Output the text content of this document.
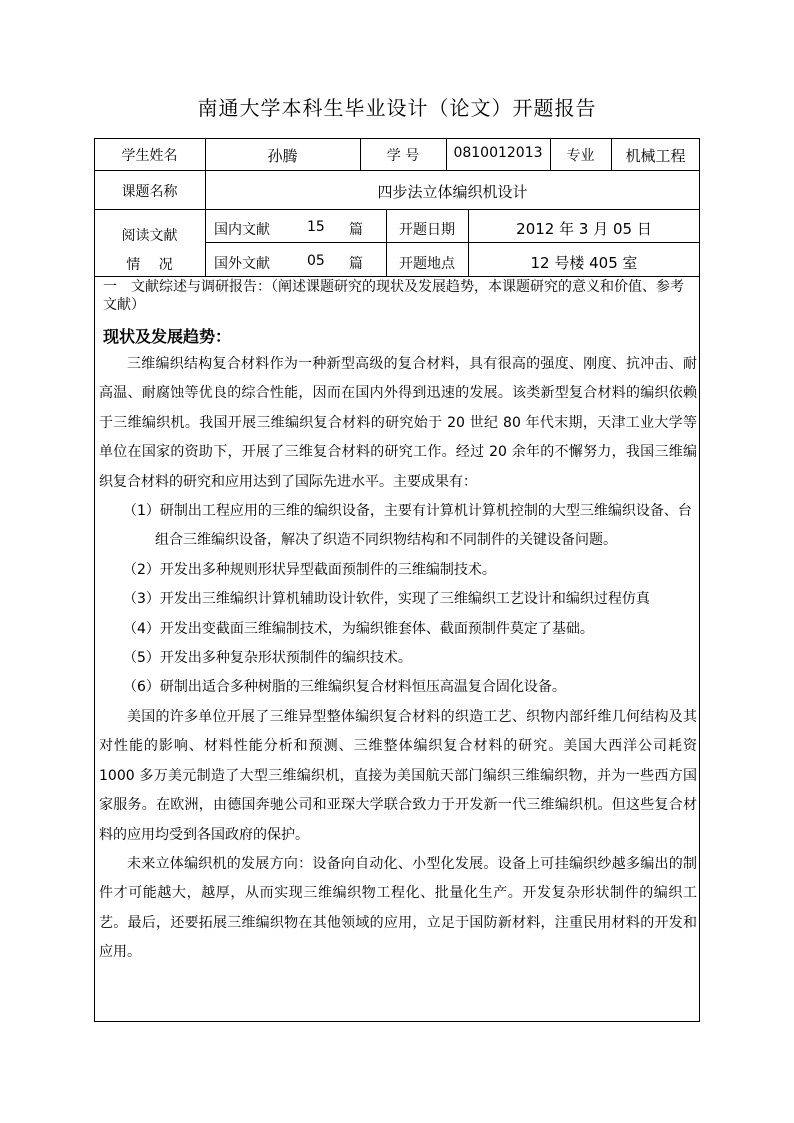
南通大学本科生毕业设计（论文）开题报告
学生姓名	孙腾	学 号	0810012013	专业	机械工程
课题名称	四步法立体编织机设计
阅读文献
情　 况
国内文献	15 篇	开题日期	2012 年 3 月 05 日
国外文献	05 篇	开题地点	12 号楼 405 室
一　文献综述与调研报告：（阐述课题研究的现状及发展趋势，本课题研究的意义和价值、参考文献）
现状及发展趋势：

三维编织结构复合材料作为一种新型高级的复合材料，具有很高的强度、刚度、抗冲击、耐高温、耐腐蚀等优良的综合性能，因而在国内外得到迅速的发展。该类新型复合材料的编织依赖于三维编织机。我国开展三维编织复合材料的研究始于 20 世纪 80 年代末期，天津工业大学等单位在国家的资助下，开展了三维复合材料的研究工作。经过 20 余年的不懈努力，我国三维编织复合材料的研究和应用达到了国际先进水平。主要成果有：

（1）研制出工程应用的三维的编织设备，主要有计算机计算机控制的大型三维编织设备、台组合三维编织设备，解决了织造不同织物结构和不同制件的关键设备问题。

（2）开发出多种规则形状异型截面预制件的三维编制技术。

（3）开发出三维编织计算机辅助设计软件，实现了三维编织工艺设计和编织过程仿真

（4）开发出变截面三维编制技术，为编织锥套体、截面预制件莫定了基础。

（5）开发出多种复杂形状预制件的编织技术。

（6）研制出适合多种树脂的三维编织复合材料恒压高温复合固化设备。

美国的许多单位开展了三维异型整体编织复合材料的织造工艺、织物内部纤维几何结构及其对性能的影响、材料性能分析和预测、三维整体编织复合材料的研究。美国大西洋公司耗资 1000 多万美元制造了大型三维编织机，直接为美国航天部门编织三维编织物，并为一些西方国家服务。在欧洲，由德国奔驰公司和亚琛大学联合致力于开发新一代三维编织机。但这些复合材料的应用均受到各国政府的保护。

未来立体编织机的发展方向：设备向自动化、小型化发展。设备上可挂编织纱越多编出的制件才可能越大，越厚，从而实现三维编织物工程化、批量化生产。开发复杂形状制件的编织工艺。最后，还要拓展三维编织物在其他领域的应用，立足于国防新材料，注重民用材料的开发和应用。
